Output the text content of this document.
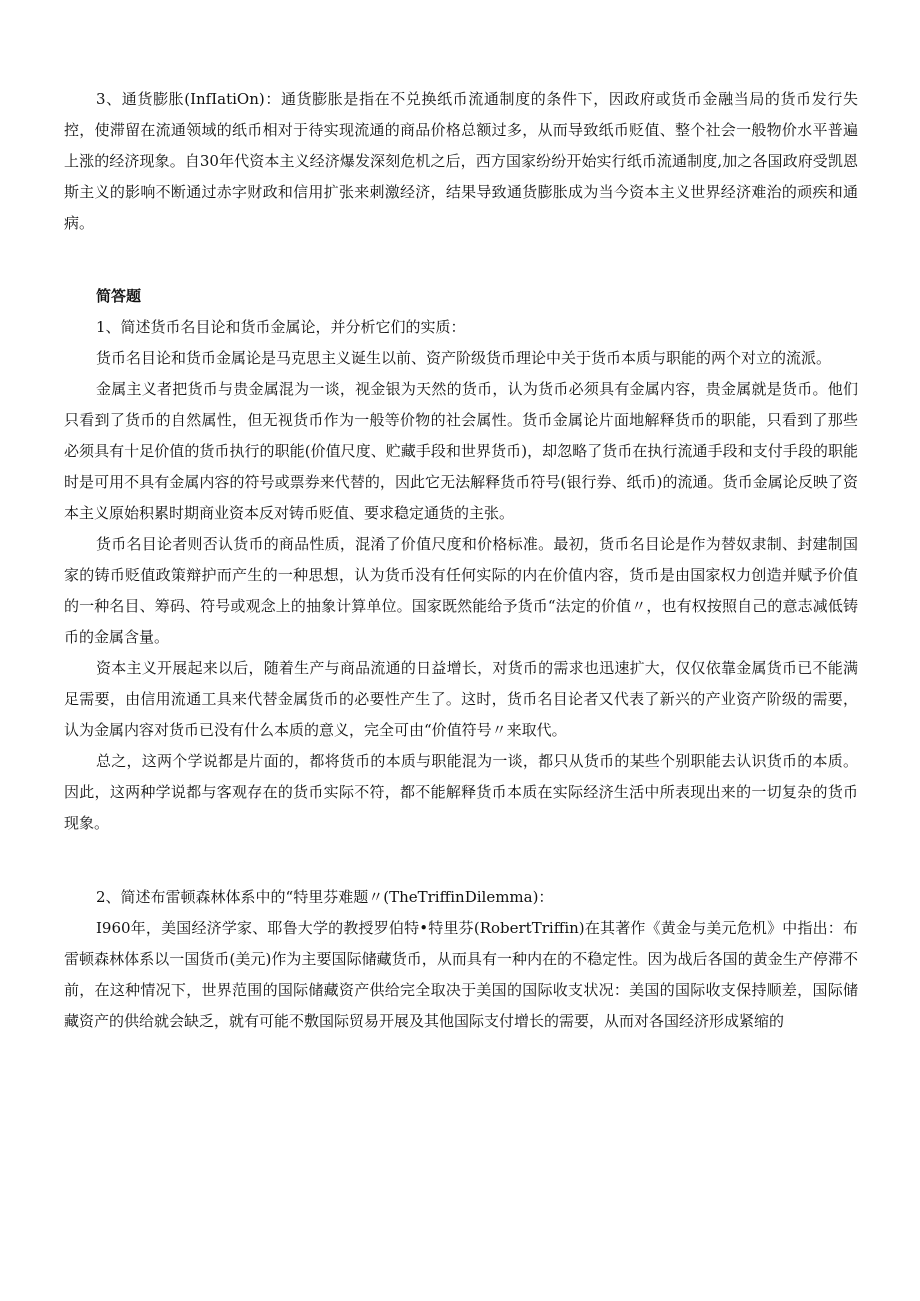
3、通货膨胀(InfIatiOn)：通货膨胀是指在不兑换纸币流通制度的条件下，因政府或货币金融当局的货币发行失控，使滞留在流通领域的纸币相对于待实现流通的商品价格总额过多，从而导致纸币贬值、整个社会一般物价水平普遍上涨的经济现象。自30年代资本主义经济爆发深刻危机之后，西方国家纷纷开始实行纸币流通制度,加之各国政府受凯恩斯主义的影响不断通过赤字财政和信用扩张来刺激经济，结果导致通货膨胀成为当今资本主义世界经济难治的顽疾和通病。

简答题

1、简述货币名目论和货币金属论，并分析它们的实质：

货币名目论和货币金属论是马克思主义诞生以前、资产阶级货币理论中关于货币本质与职能的两个对立的流派。

金属主义者把货币与贵金属混为一谈，视金银为天然的货币，认为货币必须具有金属内容，贵金属就是货币。他们只看到了货币的自然属性，但无视货币作为一般等价物的社会属性。货币金属论片面地解释货币的职能，只看到了那些必须具有十足价值的货币执行的职能(价值尺度、贮藏手段和世界货币)，却忽略了货币在执行流通手段和支付手段的职能时是可用不具有金属内容的符号或票券来代替的，因此它无法解释货币符号(银行券、纸币)的流通。货币金属论反映了资本主义原始积累时期商业资本反对铸币贬值、要求稳定通货的主张。

货币名目论者则否认货币的商品性质，混淆了价值尺度和价格标准。最初，货币名目论是作为替奴隶制、封建制国家的铸币贬值政策辩护而产生的一种思想，认为货币没有任何实际的内在价值内容，货币是由国家权力创造并赋予价值的一种名目、筹码、符号或观念上的抽象计算单位。国家既然能给予货币“法定的价值〃，也有权按照自己的意志减低铸币的金属含量。

资本主义开展起来以后，随着生产与商品流通的日益增长，对货币的需求也迅速扩大，仅仅依靠金属货币已不能满足需要，由信用流通工具来代替金属货币的必要性产生了。这时，货币名目论者又代表了新兴的产业资产阶级的需要，认为金属内容对货币已没有什么本质的意义，完全可由“价值符号〃来取代。

总之，这两个学说都是片面的，都将货币的本质与职能混为一谈，都只从货币的某些个别职能去认识货币的本质。因此，这两种学说都与客观存在的货币实际不符，都不能解释货币本质在实际经济生活中所表现出来的一切复杂的货币现象。

2、简述布雷顿森林体系中的“特里芬难题〃(TheTriffinDilemma)：

I960年，美国经济学家、耶鲁大学的教授罗伯特•特里芬(RobertTriffin)在其著作《黄金与美元危机》中指出：布雷顿森林体系以一国货币(美元)作为主要国际储藏货币，从而具有一种内在的不稳定性。因为战后各国的黄金生产停滞不前，在这种情况下，世界范围的国际储藏资产供给完全取决于美国的国际收支状况：美国的国际收支保持顺差，国际储藏资产的供给就会缺乏，就有可能不敷国际贸易开展及其他国际支付增长的需要，从而对各国经济形成紧缩的
